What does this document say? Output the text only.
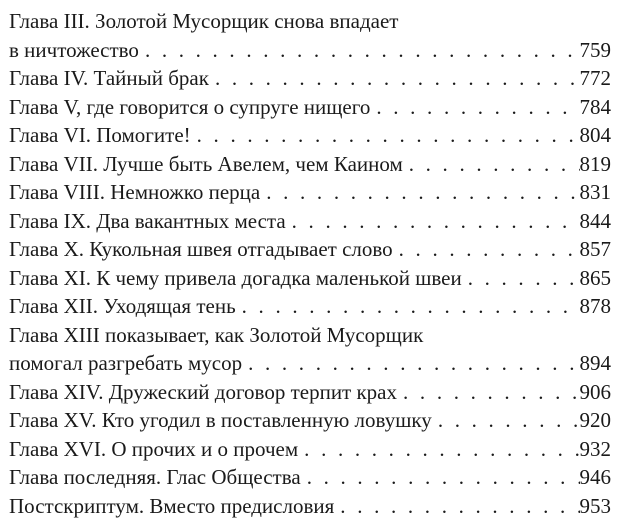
Глава III. Золотой Мусорщик снова впадает
в ничтожество . . .	759
Глава IV. Тайный брак . . .	772
Глава V, где говорится о супруге нищего . . .	784
Глава VI. Помогите! . . .	804
Глава VII. Лучше быть Авелем, чем Каином . . .	819
Глава VIII. Немножко перца . . .	831
Глава IX. Два вакантных места . . .	844
Глава X. Кукольная швея отгадывает слово . . .	857
Глава XI. К чему привела догадка маленькой швеи . . .	865
Глава XII. Уходящая тень . . .	878
Глава XIII показывает, как Золотой Мусорщик
помогал разгребать мусор . . .	894
Глава XIV. Дружеский договор терпит крах . . .	906
Глава XV. Кто угодил в поставленную ловушку . . .	920
Глава XVI. О прочих и о прочем . . .	932
Глава последняя. Глас Общества . . .	946
Постскриптум. Вместо предисловия . . .	953
